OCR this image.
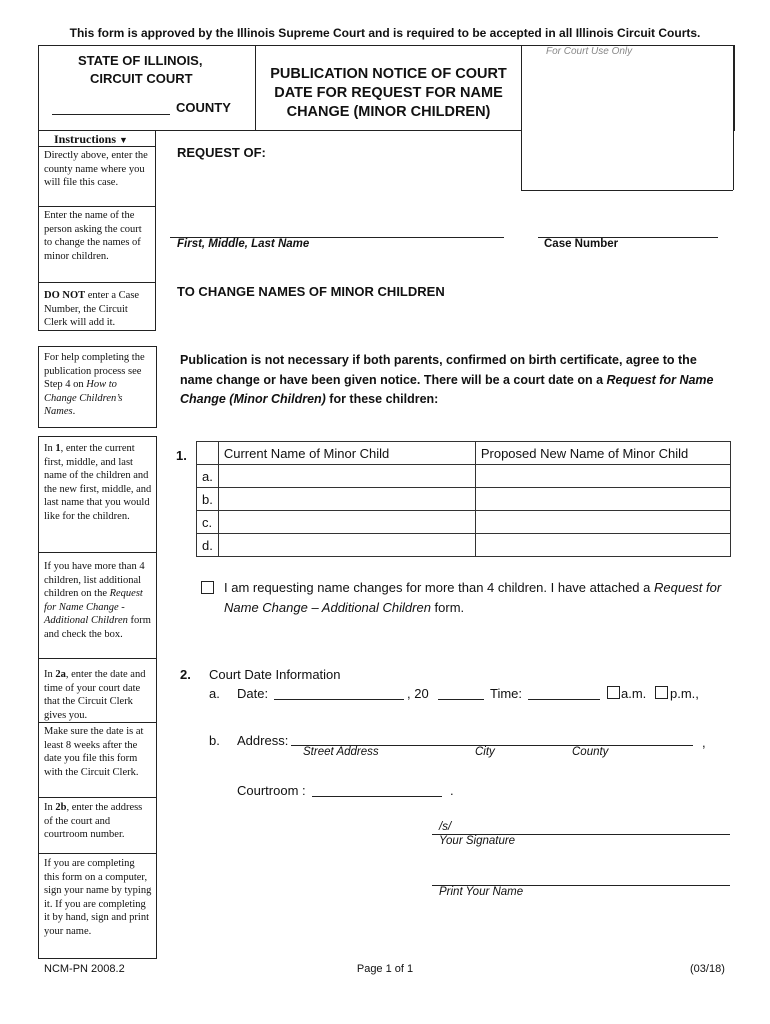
This form is approved by the Illinois Supreme Court and is required to be accepted in all Illinois Circuit Courts.
STATE OF ILLINOIS,
CIRCUIT COURT
COUNTY
PUBLICATION NOTICE OF COURT
DATE FOR REQUEST FOR NAME
CHANGE (MINOR CHILDREN)
For Court Use Only
Instructions ▼
Directly above, enter the county name where you will file this case.
Enter the name of the person asking the court to change the names of minor children.
DO NOT enter a Case Number, the Circuit Clerk will add it.
REQUEST OF:
First, Middle, Last Name	Case Number
TO CHANGE NAMES OF MINOR CHILDREN
For help completing the publication process see Step 4 on How to Change Children’s Names.
Publication is not necessary if both parents, confirmed on birth certificate, agree to the name change or have been given notice. There will be a court date on a Request for Name Change (Minor Children) for these children:
In 1, enter the current first, middle, and last name of the children and the new first, middle, and last name that you would like for the children.
If you have more than 4 children, list additional children on the Request for Name Change - Additional Children form and check the box.
In 2a, enter the date and time of your court date that the Circuit Clerk gives you.
Make sure the date is at least 8 weeks after the date you file this form with the Circuit Clerk.
In 2b, enter the address of the court and courtroom number.
If you are completing this form on a computer, sign your name by typing it. If you are completing it by hand, sign and print your name.
1.
		Current Name of Minor Child	Proposed New Name of Minor Child
a.		
b.		
c.		
d.		
I am requesting name changes for more than 4 children. I have attached a Request for
Name Change – Additional Children form.
2. Court Date Information
a. Date:	, 20	Time:	a.m. p.m.,
b. Address:	,
Street Address	City	County
Courtroom :	.
/s/
Your Signature
Print Your Name
NCM-PN 2008.2	Page 1 of 1	(03/18)
